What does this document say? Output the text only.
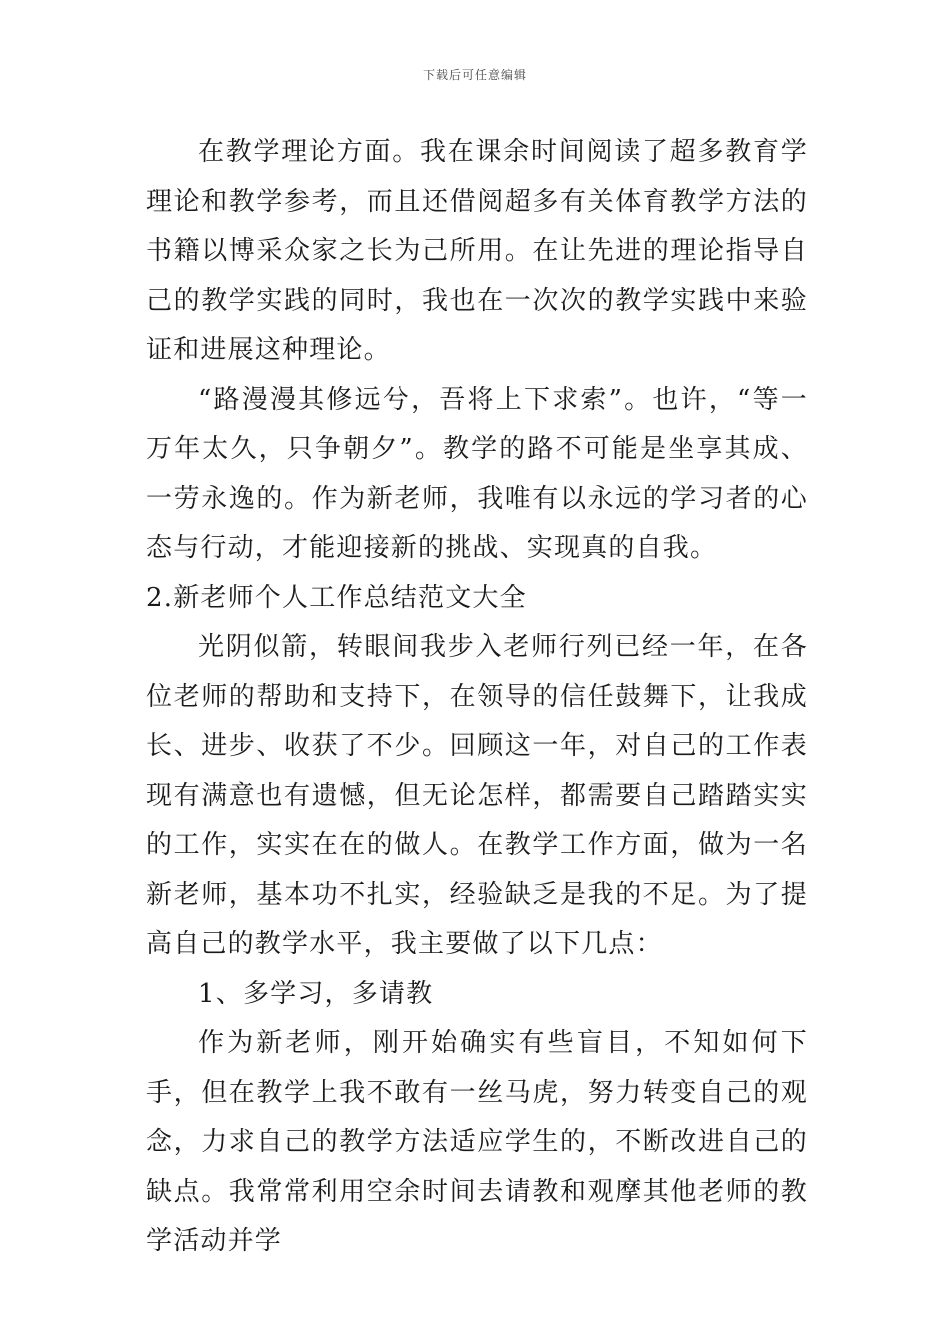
下载后可任意编辑

在教学理论方面。我在课余时间阅读了超多教育学理论和教学参考，而且还借阅超多有关体育教学方法的书籍以博采众家之长为己所用。在让先进的理论指导自己的教学实践的同时，我也在一次次的教学实践中来验证和进展这种理论。

“路漫漫其修远兮，吾将上下求索”。也许，“等一万年太久，只争朝夕”。教学的路不可能是坐享其成、一劳永逸的。作为新老师，我唯有以永远的学习者的心态与行动，才能迎接新的挑战、实现真的自我。

2.新老师个人工作总结范文大全

光阴似箭，转眼间我步入老师行列已经一年，在各位老师的帮助和支持下，在领导的信任鼓舞下，让我成长、进步、收获了不少。回顾这一年，对自己的工作表现有满意也有遗憾，但无论怎样，都需要自己踏踏实实的工作，实实在在的做人。在教学工作方面，做为一名新老师，基本功不扎实，经验缺乏是我的不足。为了提高自己的教学水平，我主要做了以下几点：

1、多学习，多请教

作为新老师，刚开始确实有些盲目，不知如何下手，但在教学上我不敢有一丝马虎，努力转变自己的观念，力求自己的教学方法适应学生的，不断改进自己的缺点。我常常利用空余时间去请教和观摩其他老师的教学活动并学
